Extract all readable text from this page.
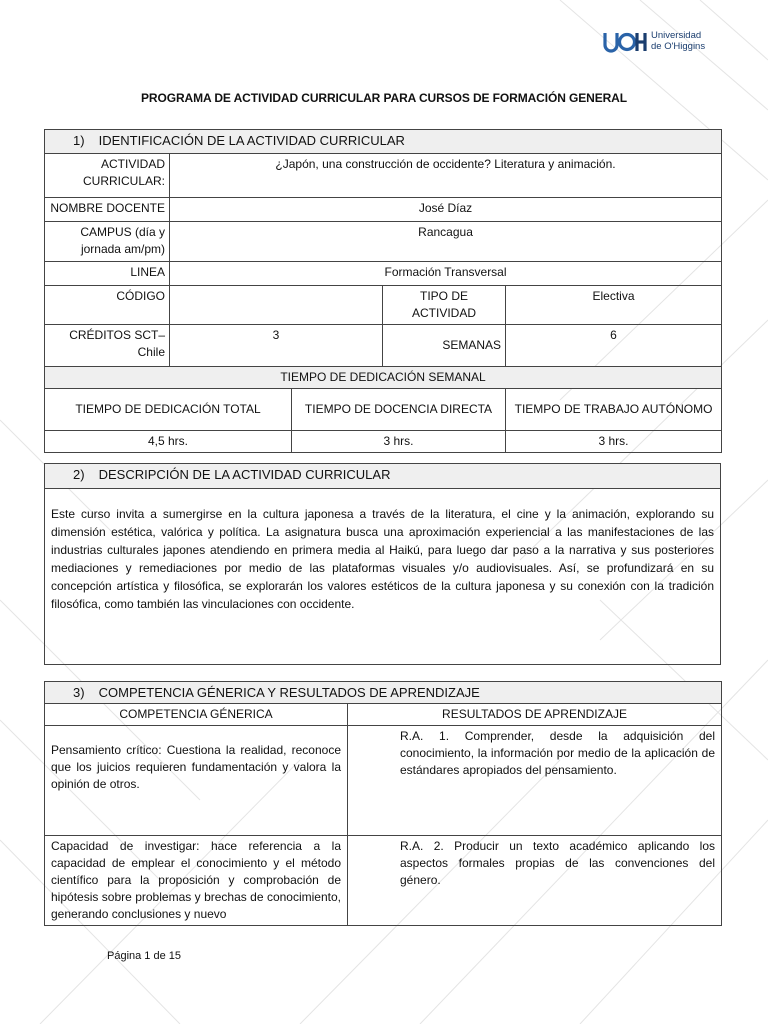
Universidad
de O'Higgins
PROGRAMA DE ACTIVIDAD CURRICULAR PARA CURSOS DE FORMACIÓN GENERAL
1) IDENTIFICACIÓN DE LA ACTIVIDAD CURRICULAR				
ACTIVIDAD CURRICULAR:	¿Japón, una construcción de occidente? Literatura y animación.			
NOMBRE DOCENTE	José Díaz			
CAMPUS (día y jornada am/pm)	Rancagua			
LINEA	Formación Transversal			
CÓDIGO			TIPO DE ACTIVIDAD	Electiva
CRÉDITOS SCT–Chile	3		SEMANAS	6
TIEMPO DE DEDICACIÓN SEMANAL				
TIEMPO DE DEDICACIÓN TOTAL		TIEMPO DE DOCENCIA DIRECTA		TIEMPO DE TRABAJO AUTÓNOMO
4,5 hrs.		3 hrs.		3 hrs.
2) DESCRIPCIÓN DE LA ACTIVIDAD CURRICULAR
Este curso invita a sumergirse en la cultura japonesa a través de la literatura, el cine y la animación, explorando su dimensión estética, valórica y política. La asignatura busca una aproximación experiencial a las manifestaciones de las industrias culturales japones atendiendo en primera media al Haikú, para luego dar paso a la narrativa y sus posteriores mediaciones y remediaciones por medio de las plataformas visuales y/o audiovisuales. Así, se profundizará en su concepción artística y filosófica, se explorarán los valores estéticos de la cultura japonesa y su conexión con la tradición filosófica, como también las vinculaciones con occidente.
3) COMPETENCIA GÉNERICA Y RESULTADOS DE APRENDIZAJE	
COMPETENCIA GÉNERICA	RESULTADOS DE APRENDIZAJE
Pensamiento crítico: Cuestiona la realidad, reconoce que los juicios requieren fundamentación y valora la opinión de otros.	R.A. 1. Comprender, desde la adquisición del conocimiento, la información por medio de la aplicación de estándares apropiados del pensamiento.

Capacidad de investigar: hace referencia a la capacidad de emplear el conocimiento y el método científico para la proposición y comprobación de hipótesis sobre problemas y brechas de conocimiento, generando conclusiones y nuevo	R.A. 2. Producir un texto académico aplicando los aspectos formales propias de las convenciones del género.
Página 1 de 15
